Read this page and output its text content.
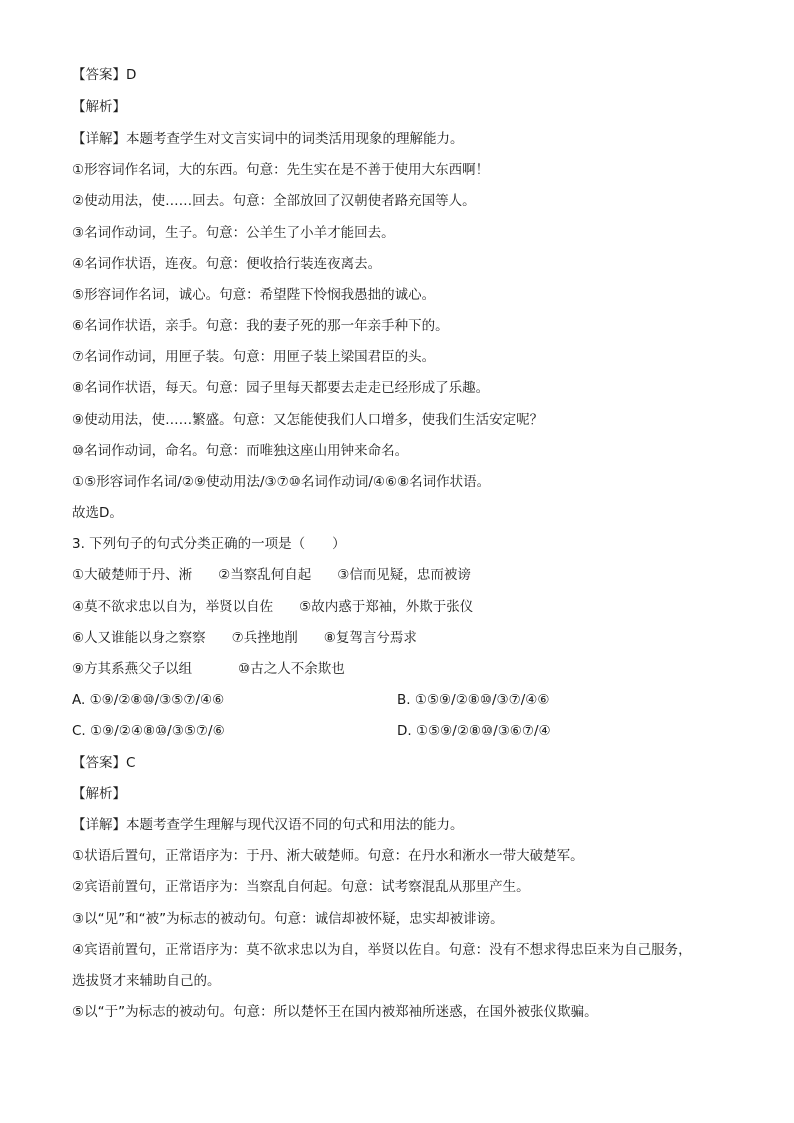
【答案】D
【解析】
【详解】本题考查学生对文言实词中的词类活用现象的理解能力。
①形容词作名词，大的东西。句意：先生实在是不善于使用大东西啊！
②使动用法，使……回去。句意：全部放回了汉朝使者路充国等人。
③名词作动词，生子。句意：公羊生了小羊才能回去。
④名词作状语，连夜。句意：便收拾行装连夜离去。
⑤形容词作名词，诚心。句意：希望陛下怜悯我愚拙的诚心。
⑥名词作状语，亲手。句意：我的妻子死的那一年亲手种下的。
⑦名词作动词，用匣子装。句意：用匣子装上梁国君臣的头。
⑧名词作状语，每天。句意：园子里每天都要去走走已经形成了乐趣。
⑨使动用法，使……繁盛。句意：又怎能使我们人口增多，使我们生活安定呢？
⑩名词作动词，命名。句意：而唯独这座山用钟来命名。
①⑤形容词作名词/②⑨使动用法/③⑦⑩名词作动词/④⑥⑧名词作状语。
故选D。
3. 下列句子的句式分类正确的一项是（　　）
①大破楚师于丹、淅 ②当察乱何自起 ③信而见疑，忠而被谤
④莫不欲求忠以自为，举贤以自佐 ⑤故内惑于郑袖，外欺于张仪
⑥人又谁能以身之察察 ⑦兵挫地削 ⑧复驾言兮焉求
⑨方其系燕父子以组	⑩古之人不余欺也
A. ①⑨/②⑧⑩/③⑤⑦/④⑥	B. ①⑤⑨/②⑧⑩/③⑦/④⑥
C. ①⑨/②④⑧⑩/③⑤⑦/⑥	D. ①⑤⑨/②⑧⑩/③⑥⑦/④
【答案】C
【解析】
【详解】本题考查学生理解与现代汉语不同的句式和用法的能力。
①状语后置句，正常语序为：于丹、淅大破楚师。句意：在丹水和淅水一带大破楚军。
②宾语前置句，正常语序为：当察乱自何起。句意：试考察混乱从那里产生。
③以“见”和“被”为标志的被动句。句意：诚信却被怀疑，忠实却被诽谤。
④宾语前置句，正常语序为：莫不欲求忠以为自，举贤以佐自。句意：没有不想求得忠臣来为自己服务，
选拔贤才来辅助自己的。
⑤以“于”为标志的被动句。句意：所以楚怀王在国内被郑袖所迷惑，在国外被张仪欺骗。
